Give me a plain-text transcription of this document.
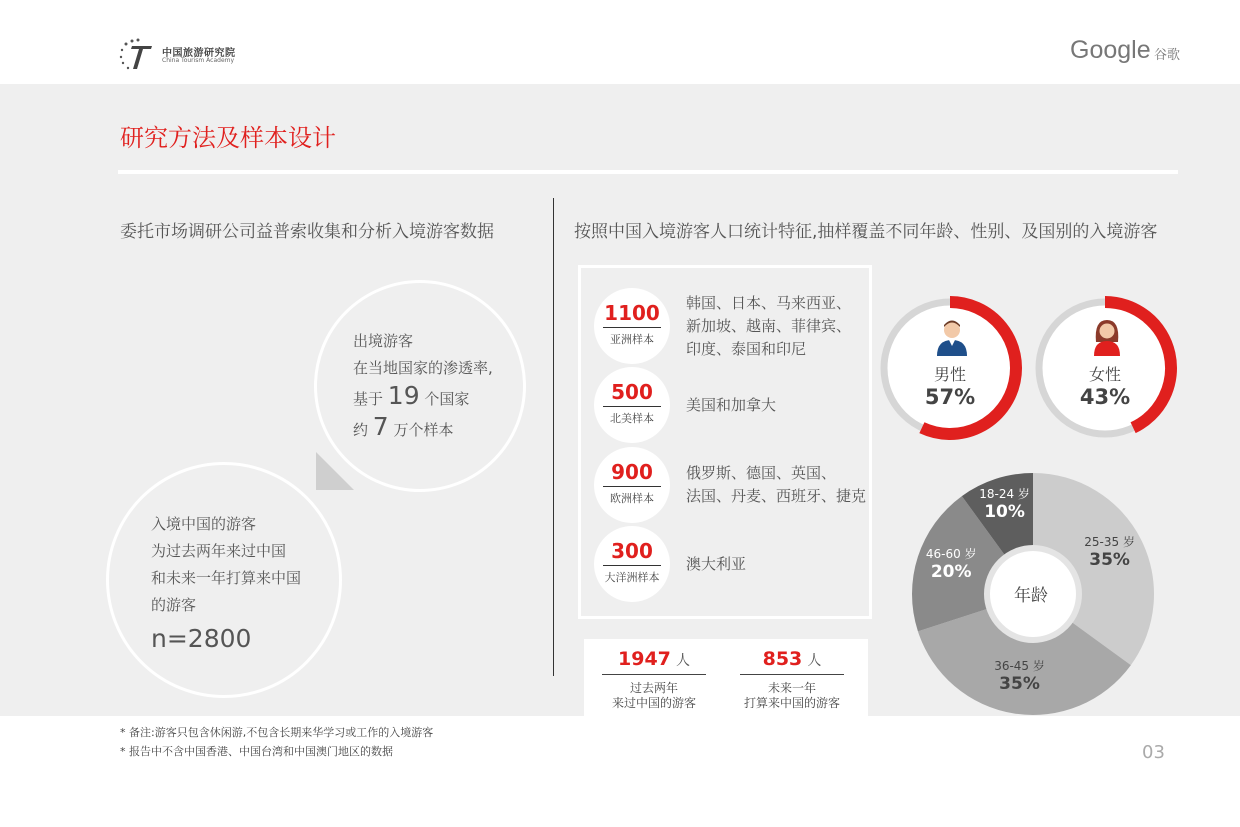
中国旅游研究院
China Tourism Academy	Google 谷歌
研究方法及样本设计
委托市场调研公司益普索收集和分析入境游客数据	按照中国入境游客人口统计特征,抽样覆盖不同年龄、性别、及国别的入境游客
出境游客
在当地国家的渗透率,
基于 19 个国家
约 7 万个样本
入境中国的游客
为过去两年来过中国
和未来一年打算来中国
的游客
n=2800
1100
亚洲样本
韩国、日本、马来西亚、
新加坡、越南、菲律宾、
印度、泰国和印尼
500
北美样本
美国和加拿大
900
欧洲样本
俄罗斯、德国、英国、
法国、丹麦、西班牙、捷克
300
大洋洲样本
澳大利亚
1947 人
过去两年
来过中国的游客
853 人
未来一年
打算来中国的游客
男性
57%
女性
43%
年龄
25-35 岁
35%
36-45 岁
35%
46-60 岁
20%
18-24 岁
10%
* 备注:游客只包含休闲游,不包含长期来华学习或工作的入境游客
* 报告中不含中国香港、中国台湾和中国澳门地区的数据	03
